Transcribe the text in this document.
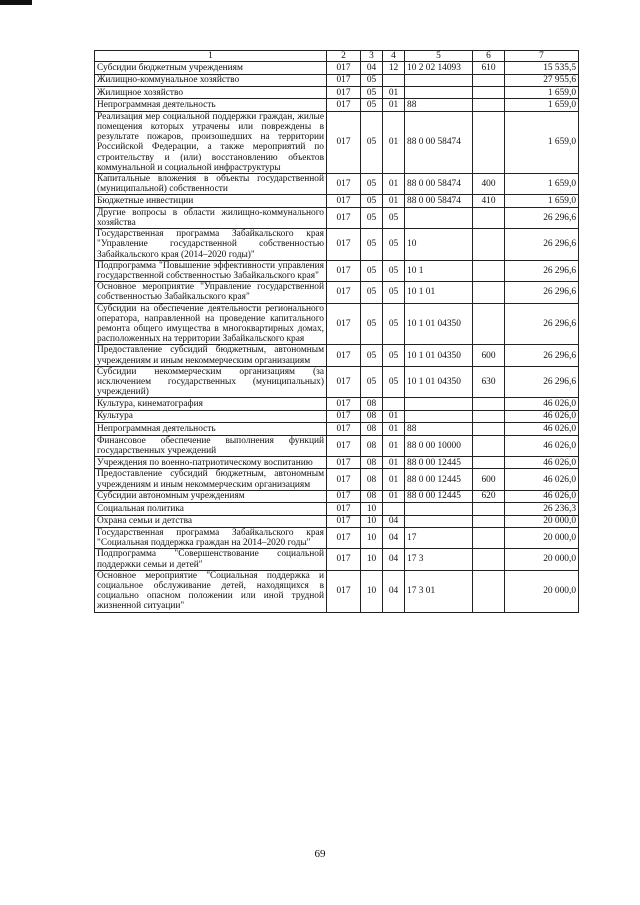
1	2	3	4	5	6	7
Субсидии бюджетным учреждениям	017	04	12	10 2 02 14093	610	15 535,5
Жилищно-коммунальное хозяйство	017	05				27 955,6
Жилищное хозяйство	017	05	01			1 659,0
Непрограммная деятельность	017	05	01	88		1 659,0
Реализация мер социальной поддержки граждан, жилые помещения которых утрачены или повреждены в результате пожаров, произошедших на территории Российской Федерации, а также мероприятий по строительству и (или) восстановлению объектов коммунальной и социальной инфраструктуры	017	05	01	88 0 00 58474		1 659,0
Капитальные вложения в объекты государственной (муниципальной) собственности	017	05	01	88 0 00 58474	400	1 659,0
Бюджетные инвестиции	017	05	01	88 0 00 58474	410	1 659,0
Другие вопросы в области жилищно-коммунального хозяйства	017	05	05			26 296,6
Государственная программа Забайкальского края "Управление государственной собственностью Забайкальского края (2014–2020 годы)"	017	05	05	10		26 296,6
Подпрограмма "Повышение эффективности управления государственной собственностью Забайкальского края"	017	05	05	10 1		26 296,6
Основное мероприятие "Управление государственной собственностью Забайкальского края"	017	05	05	10 1 01		26 296,6
Субсидии на обеспечение деятельности регионального оператора, направленной на проведение капитального ремонта общего имущества в многоквартирных домах, расположенных на территории Забайкальского края	017	05	05	10 1 01 04350		26 296,6
Предоставление субсидий бюджетным, автономным учреждениям и иным некоммерческим организациям	017	05	05	10 1 01 04350	600	26 296,6
Субсидии некоммерческим организациям (за исключением государственных (муниципальных) учреждений)	017	05	05	10 1 01 04350	630	26 296,6
Культура, кинематография	017	08				46 026,0
Культура	017	08	01			46 026,0
Непрограммная деятельность	017	08	01	88		46 026,0
Финансовое обеспечение выполнения функций государственных учреждений	017	08	01	88 0 00 10000		46 026,0
Учреждения по военно-патриотическому воспитанию	017	08	01	88 0 00 12445		46 026,0
Предоставление субсидий бюджетным, автономным учреждениям и иным некоммерческим организациям	017	08	01	88 0 00 12445	600	46 026,0
Субсидии автономным учреждениям	017	08	01	88 0 00 12445	620	46 026,0
Социальная политика	017	10				26 236,3
Охрана семьи и детства	017	10	04			20 000,0
Государственная программа Забайкальского края "Социальная поддержка граждан на 2014–2020 годы"	017	10	04	17		20 000,0
Подпрограмма "Совершенствование социальной поддержки семьи и детей"	017	10	04	17 3		20 000,0
Основное мероприятие "Социальная поддержка и социальное обслуживание детей, находящихся в социально опасном положении или иной трудной жизненной ситуации"	017	10	04	17 3 01		20 000,0
69
